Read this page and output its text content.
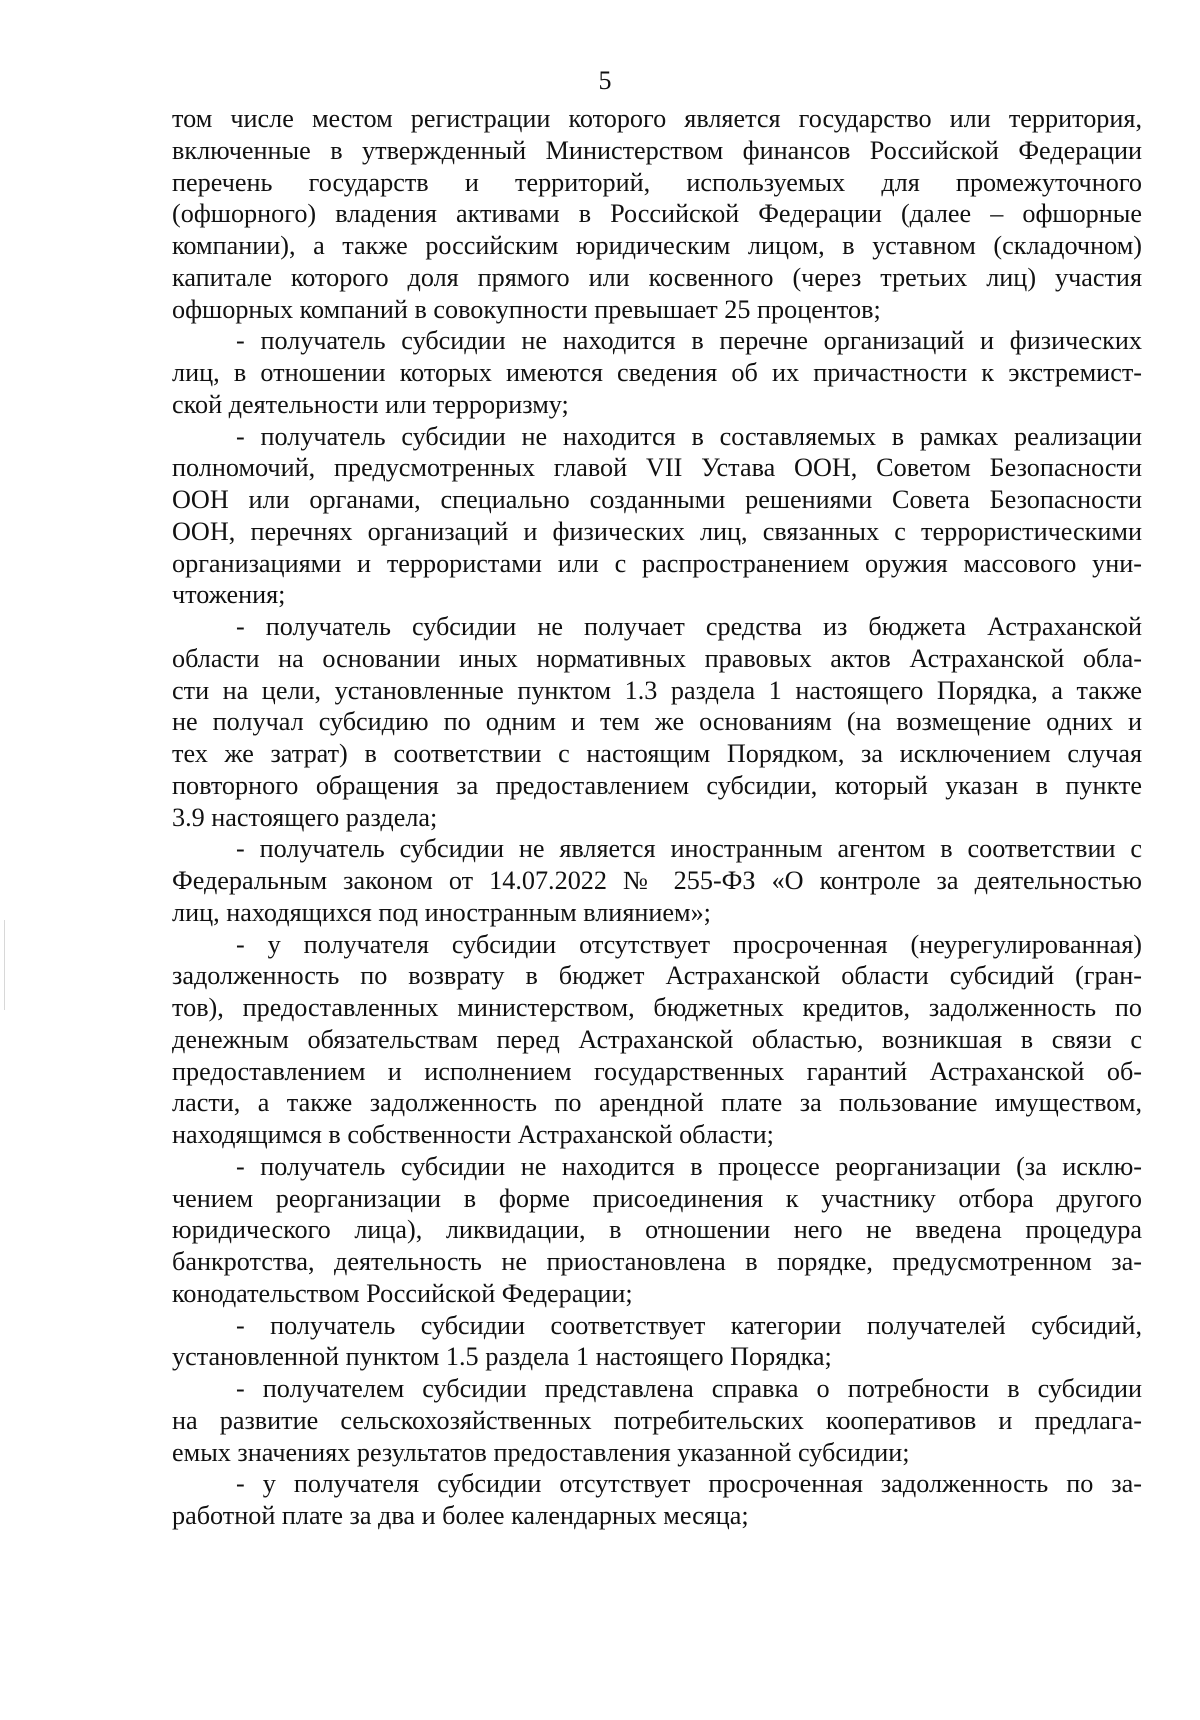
5

том числе местом регистрации которого является государство или территория,
включенные в утвержденный Министерством финансов Российской Федерации
перечень государств и территорий, используемых для промежуточного
(офшорного) владения активами в Российской Федерации (далее – офшорные
компании), а также российским юридическим лицом, в уставном (складочном)
капитале которого доля прямого или косвенного (через третьих лиц) участия
офшорных компаний в совокупности превышает 25 процентов;

- получатель субсидии не находится в перечне организаций и физических
лиц, в отношении которых имеются сведения об их причастности к экстремист-
ской деятельности или терроризму;

- получатель субсидии не находится в составляемых в рамках реализации
полномочий, предусмотренных главой VII Устава ООН, Советом Безопасности
ООН или органами, специально созданными решениями Совета Безопасности
ООН, перечнях организаций и физических лиц, связанных с террористическими
организациями и террористами или с распространением оружия массового уни-
чтожения;

- получатель субсидии не получает средства из бюджета Астраханской
области на основании иных нормативных правовых актов Астраханской обла-
сти на цели, установленные пунктом 1.3 раздела 1 настоящего Порядка, а также
не получал субсидию по одним и тем же основаниям (на возмещение одних и
тех же затрат) в соответствии с настоящим Порядком, за исключением случая
повторного обращения за предоставлением субсидии, который указан в пункте
3.9 настоящего раздела;

- получатель субсидии не является иностранным агентом в соответствии с
Федеральным законом от 14.07.2022 № 255-ФЗ «О контроле за деятельностью
лиц, находящихся под иностранным влиянием»;

- у получателя субсидии отсутствует просроченная (неурегулированная)
задолженность по возврату в бюджет Астраханской области субсидий (гран-
тов), предоставленных министерством, бюджетных кредитов, задолженность по
денежным обязательствам перед Астраханской областью, возникшая в связи с
предоставлением и исполнением государственных гарантий Астраханской об-
ласти, а также задолженность по арендной плате за пользование имуществом,
находящимся в собственности Астраханской области;

- получатель субсидии не находится в процессе реорганизации (за исклю-
чением реорганизации в форме присоединения к участнику отбора другого
юридического лица), ликвидации, в отношении него не введена процедура
банкротства, деятельность не приостановлена в порядке, предусмотренном за-
конодательством Российской Федерации;

- получатель субсидии соответствует категории получателей субсидий,
установленной пунктом 1.5 раздела 1 настоящего Порядка;

- получателем субсидии представлена справка о потребности в субсидии
на развитие сельскохозяйственных потребительских кооперативов и предлага-
емых значениях результатов предоставления указанной субсидии;

- у получателя субсидии отсутствует просроченная задолженность по за-
работной плате за два и более календарных месяца;
